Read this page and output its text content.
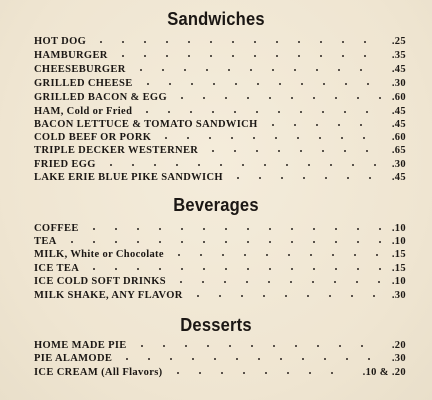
Sandwiches
HOT DOG	.25
HAMBURGER	.35
CHEESEBURGER	.45
GRILLED CHEESE	.30
GRILLED BACON & EGG	.60
HAM, Cold or Fried	.45
BACON LETTUCE & TOMATO SANDWICH	.45
COLD BEEF OR PORK	.60
TRIPLE DECKER WESTERNER	.65
FRIED EGG	.30
LAKE ERIE BLUE PIKE SANDWICH	.45
Beverages
COFFEE	.10
TEA	.10
MILK, White or Chocolate	.15
ICE TEA	.15
ICE COLD SOFT DRINKS	.10
MILK SHAKE, ANY FLAVOR	.30
Desserts
HOME MADE PIE	.20
PIE ALAMODE	.30
ICE CREAM (All Flavors)	.10 & .20
